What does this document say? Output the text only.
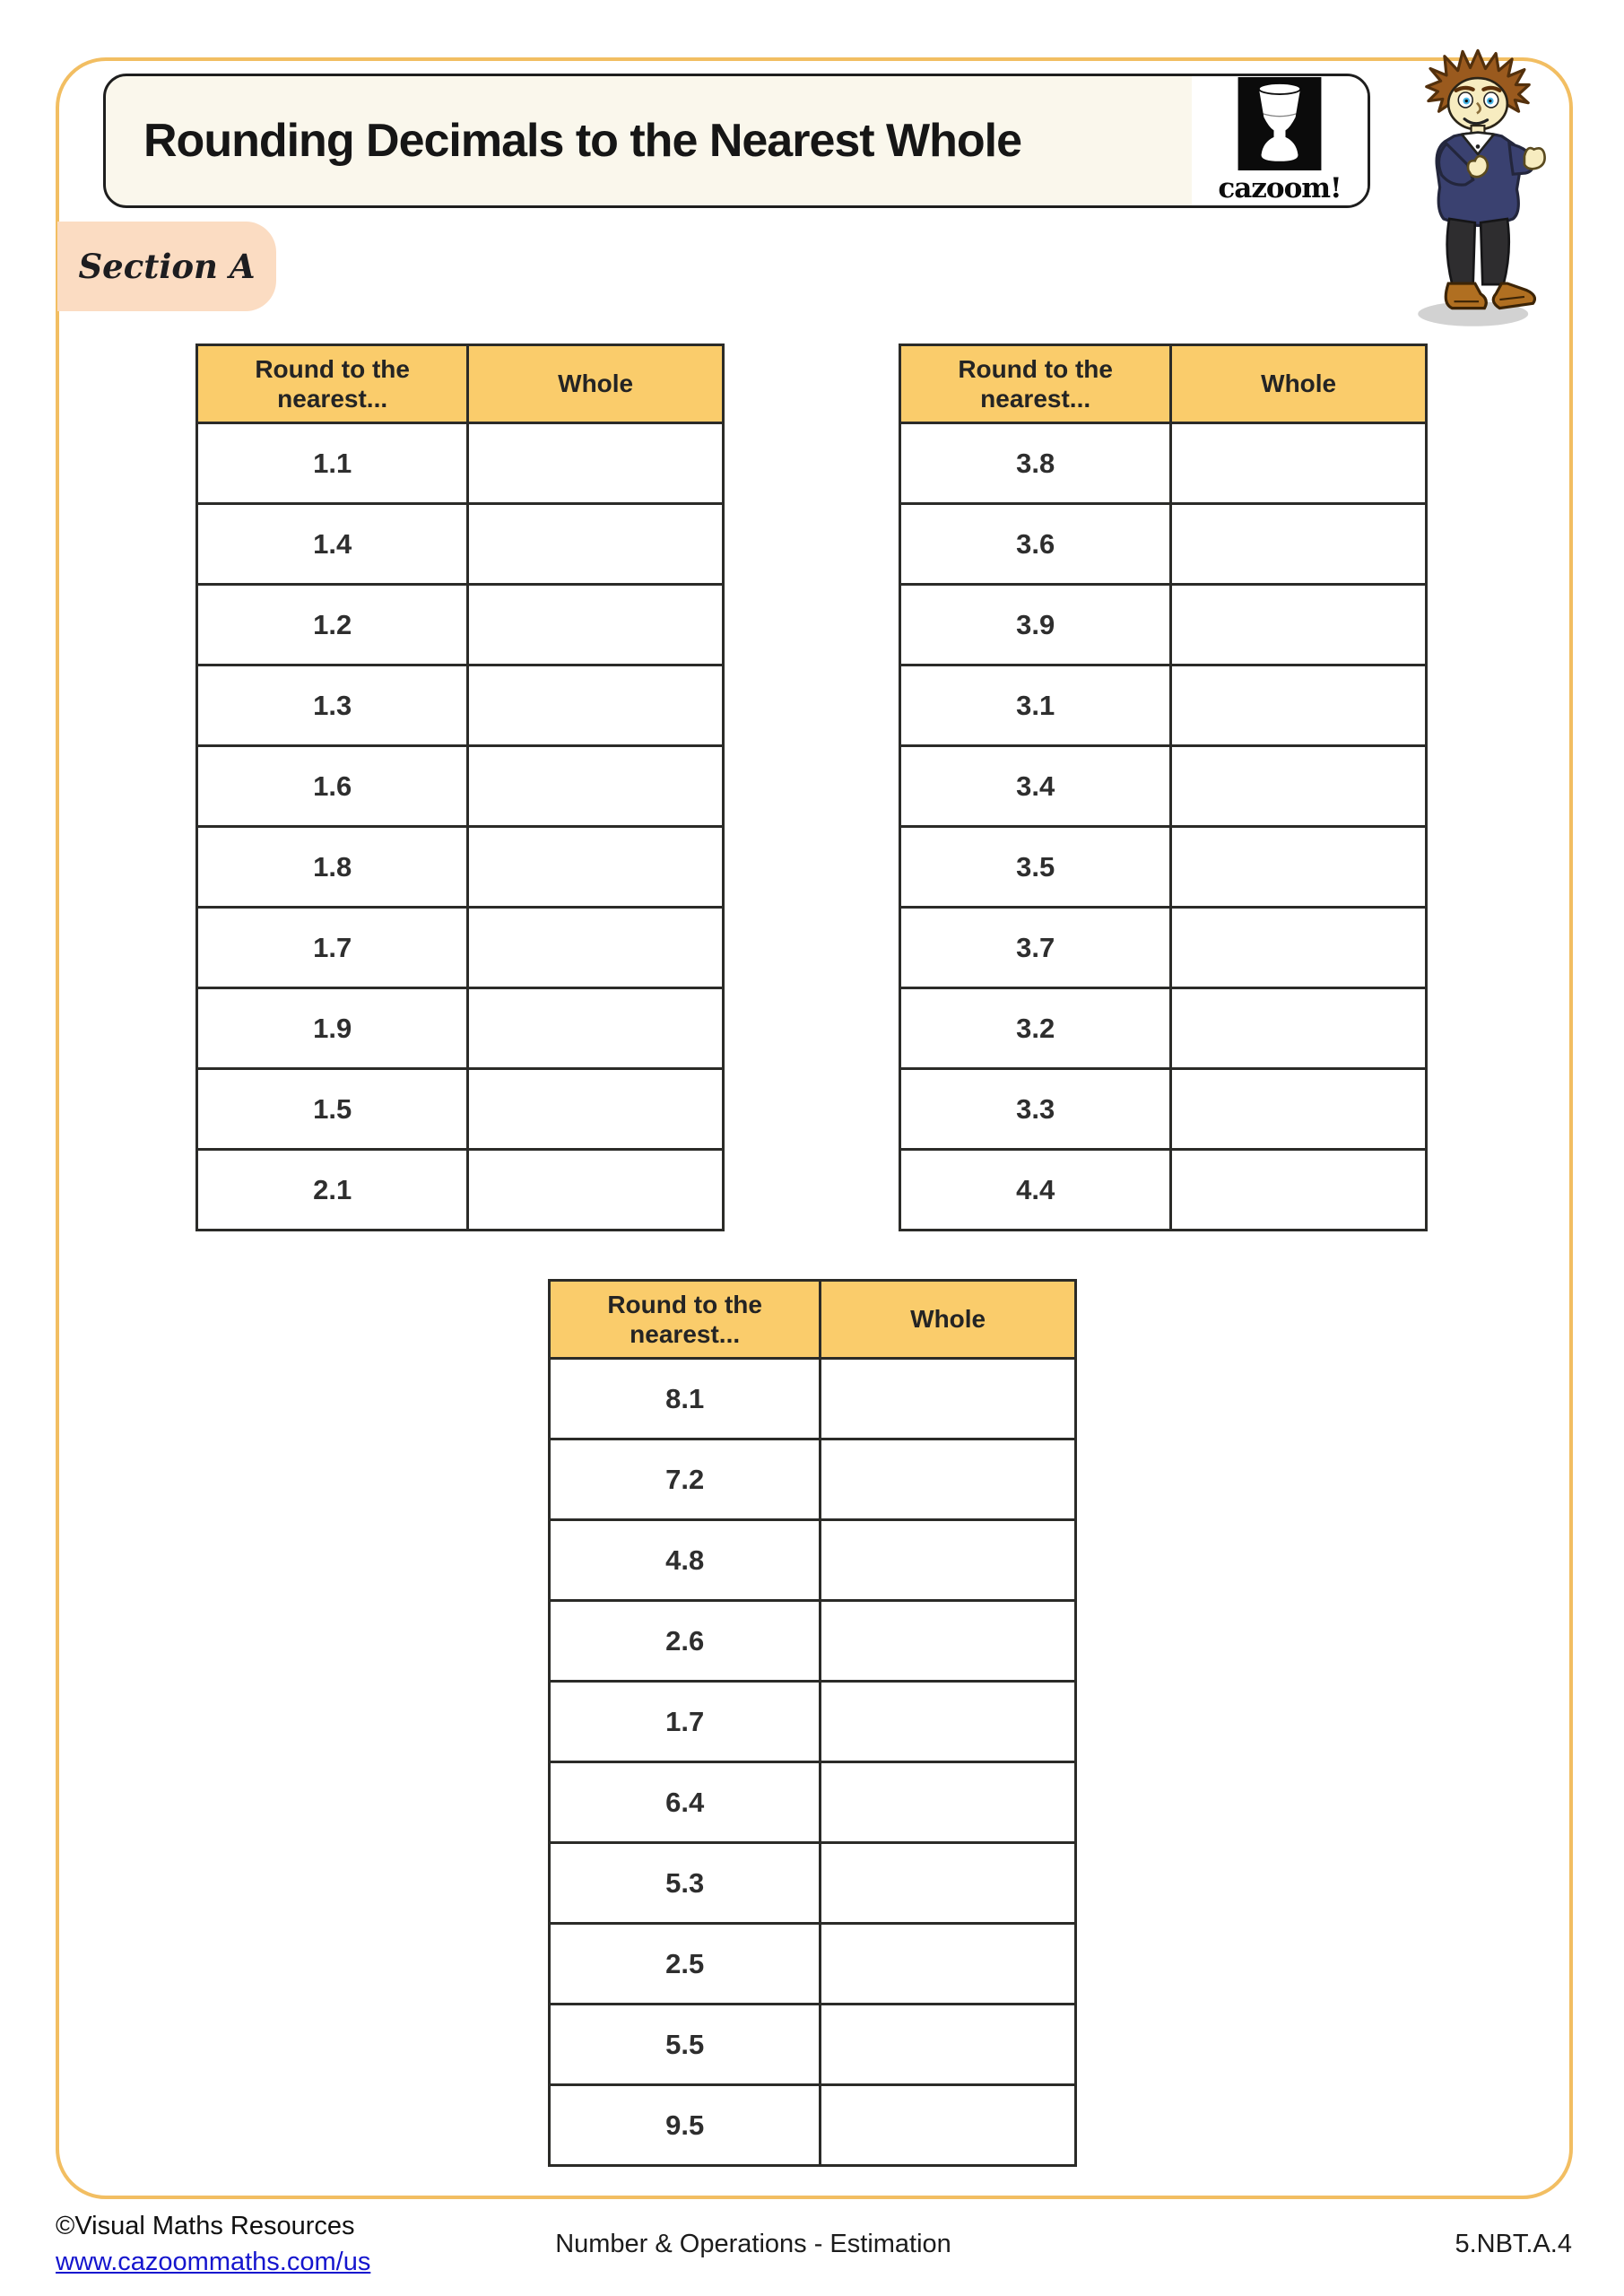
Rounding Decimals to the Nearest Whole
cazoom!
Section A
Round to the nearest...	Whole
1.1	
1.4	
1.2	
1.3	
1.6	
1.8	
1.7	
1.9	
1.5	
2.1	
Round to the nearest...	Whole
3.8	
3.6	
3.9	
3.1	
3.4	
3.5	
3.7	
3.2	
3.3	
4.4	
Round to the nearest...	Whole
8.1	
7.2	
4.8	
2.6	
1.7	
6.4	
5.3	
2.5	
5.5	
9.5	
©Visual Maths Resources
www.cazoommaths.com/us
Number & Operations - Estimation	5.NBT.A.4
